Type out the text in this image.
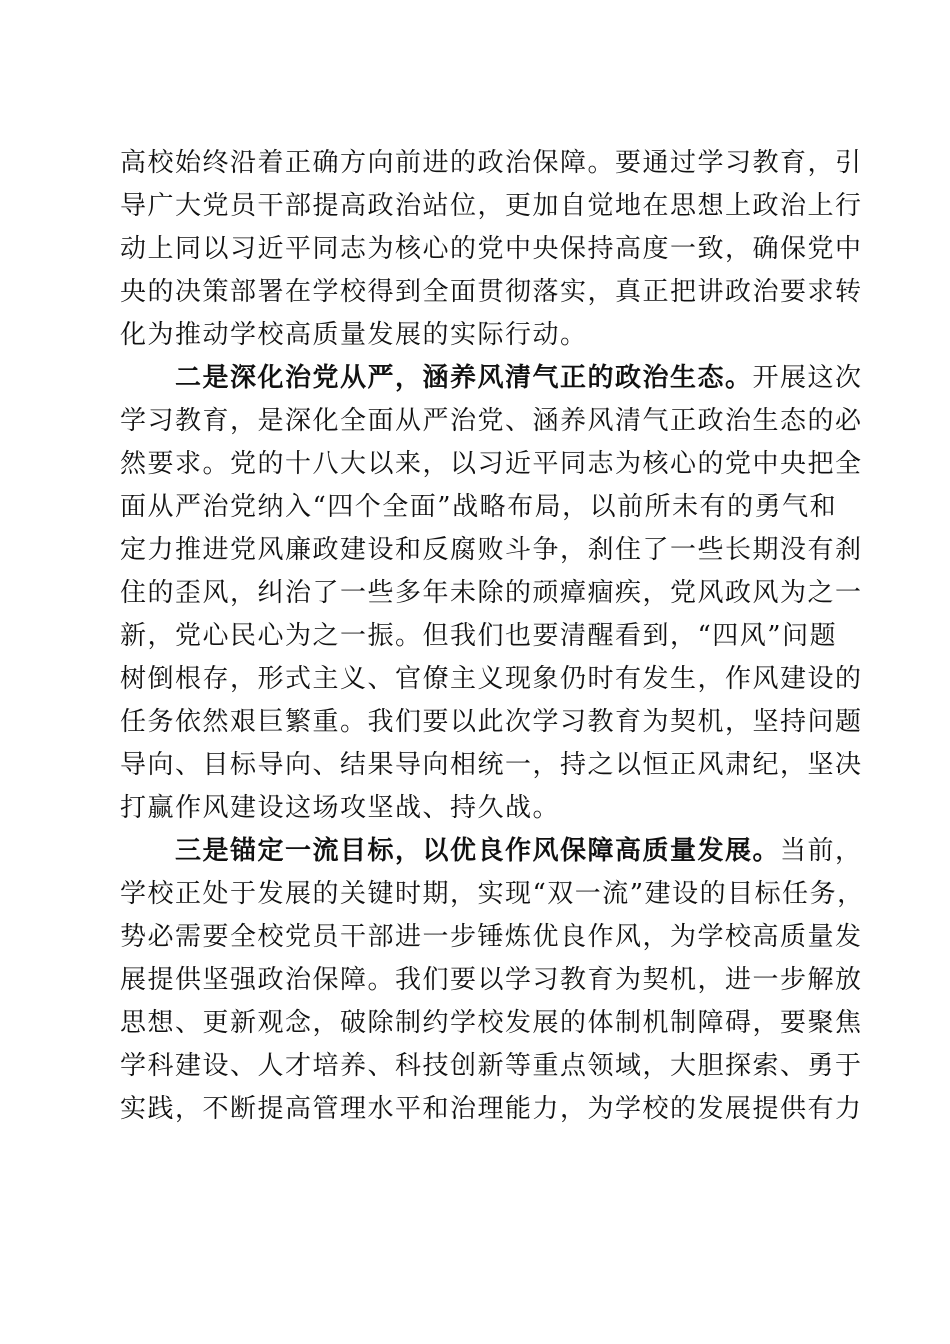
高校始终沿着正确方向前进的政治保障。要通过学习教育，引
导广大党员干部提高政治站位，更加自觉地在思想上政治上行
动上同以习近平同志为核心的党中央保持高度一致，确保党中
央的决策部署在学校得到全面贯彻落实，真正把讲政治要求转
化为推动学校高质量发展的实际行动。
二是深化治党从严，涵养风清气正的政治生态。开展这次
学习教育，是深化全面从严治党、涵养风清气正政治生态的必
然要求。党的十八大以来，以习近平同志为核心的党中央把全
面从严治党纳入“四个全面”战略布局，以前所未有的勇气和
定力推进党风廉政建设和反腐败斗争，刹住了一些长期没有刹
住的歪风，纠治了一些多年未除的顽瘴痼疾，党风政风为之一
新，党心民心为之一振。但我们也要清醒看到，“四风”问题
树倒根存，形式主义、官僚主义现象仍时有发生，作风建设的
任务依然艰巨繁重。我们要以此次学习教育为契机，坚持问题
导向、目标导向、结果导向相统一，持之以恒正风肃纪，坚决
打赢作风建设这场攻坚战、持久战。
三是锚定一流目标，以优良作风保障高质量发展。当前，
学校正处于发展的关键时期，实现“双一流”建设的目标任务，
势必需要全校党员干部进一步锤炼优良作风，为学校高质量发
展提供坚强政治保障。我们要以学习教育为契机，进一步解放
思想、更新观念，破除制约学校发展的体制机制障碍，要聚焦
学科建设、人才培养、科技创新等重点领域，大胆探索、勇于
实践，不断提高管理水平和治理能力，为学校的发展提供有力
